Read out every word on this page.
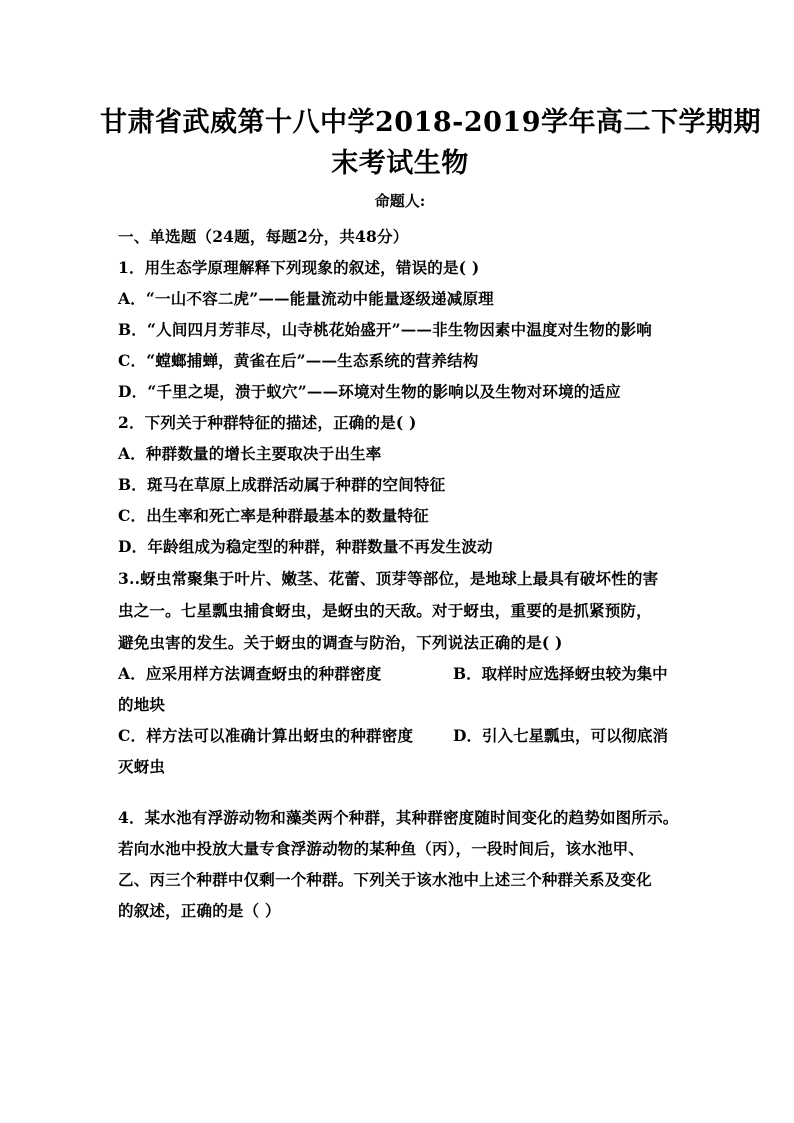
甘肃省武威第十八中学2018-2019学年高二下学期期
末考试生物
命题人:
一、单选题（24题，每题2分，共48分）
1．用生态学原理解释下列现象的叙述，错误的是( )
A．“一山不容二虎”——能量流动中能量逐级递减原理
B．“人间四月芳菲尽，山寺桃花始盛开”——非生物因素中温度对生物的影响
C．“螳螂捕蝉，黄雀在后”——生态系统的营养结构
D．“千里之堤，溃于蚁穴”——环境对生物的影响以及生物对环境的适应
2．下列关于种群特征的描述，正确的是( )
A．种群数量的增长主要取决于出生率
B．斑马在草原上成群活动属于种群的空间特征
C．出生率和死亡率是种群最基本的数量特征
D．年龄组成为稳定型的种群，种群数量不再发生波动
3..蚜虫常聚集于叶片、嫩茎、花蕾、顶芽等部位，是地球上最具有破坏性的害
虫之一。七星瓢虫捕食蚜虫，是蚜虫的天敌。对于蚜虫，重要的是抓紧预防，
避免虫害的发生。关于蚜虫的调查与防治，下列说法正确的是( )
A．应采用样方法调查蚜虫的种群密度	B．取样时应选择蚜虫较为集中
的地块
C．样方法可以准确计算出蚜虫的种群密度	D．引入七星瓢虫，可以彻底消
灭蚜虫
4．某水池有浮游动物和藻类两个种群，其种群密度随时间变化的趋势如图所示。
若向水池中投放大量专食浮游动物的某种鱼（丙），一段时间后，该水池甲、
乙、丙三个种群中仅剩一个种群。下列关于该水池中上述三个种群关系及变化
的叙述，正确的是（ ）
